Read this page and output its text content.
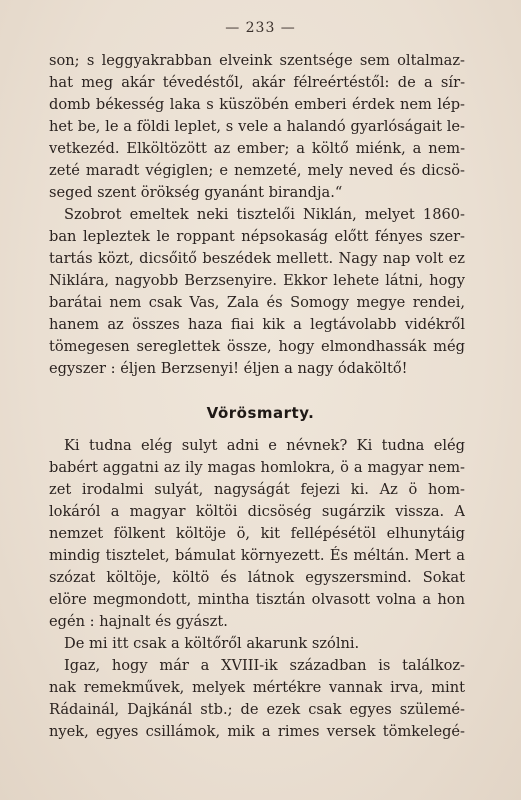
— 233 —
son; s leggyakrabban elveink szentsége sem oltalmaz-
hat meg akár tévedéstől, akár félreértéstől: de a sír-
domb békesség laka s küszöbén emberi érdek nem lép-
het be, le a földi leplet, s vele a halandó gyarlóságait le-
vetkezéd. Elköltözött az ember; a költő miénk, a nem-
zeté maradt végiglen; e nemzeté, mely neved és dicsö-
seged szent örökség gyanánt birandja.“
Szobrot emeltek neki tisztelői Niklán, melyet 1860-
ban lepleztek le roppant népsokaság előtt fényes szer-
tartás közt, dicsőitő beszédek mellett. Nagy nap volt ez
Niklára, nagyobb Berzsenyire. Ekkor lehete látni, hogy
barátai nem csak Vas, Zala és Somogy megye rendei,
hanem az összes haza fiai kik a legtávolabb vidékről
tömegesen sereglettek össze, hogy elmondhassák még
egyszer : éljen Berzsenyi! éljen a nagy ódaköltő!
Vörösmarty.
Ki tudna elég sulyt adni e névnek? Ki tudna elég
babért aggatni az ily magas homlokra, ö a magyar nem-
zet irodalmi sulyát, nagyságát fejezi ki. Az ö hom-
lokáról a magyar költöi dicsöség sugárzik vissza. A
nemzet fölkent költöje ö, kit fellépésétöl elhunytáig
mindig tisztelet, bámulat környezett. És méltán. Mert a
szózat költöje, költö és látnok egyszersmind. Sokat
elöre megmondott, mintha tisztán olvasott volna a hon
egén : hajnalt és gyászt.
De mi itt csak a költőről akarunk szólni.
Igaz, hogy már a XVIII-ik században is találkoz-
nak remekművek, melyek mértékre vannak irva, mint
Rádainál, Dajkánál stb.; de ezek csak egyes szülemé-
nyek, egyes csillámok, mik a rimes versek tömkelegé-
